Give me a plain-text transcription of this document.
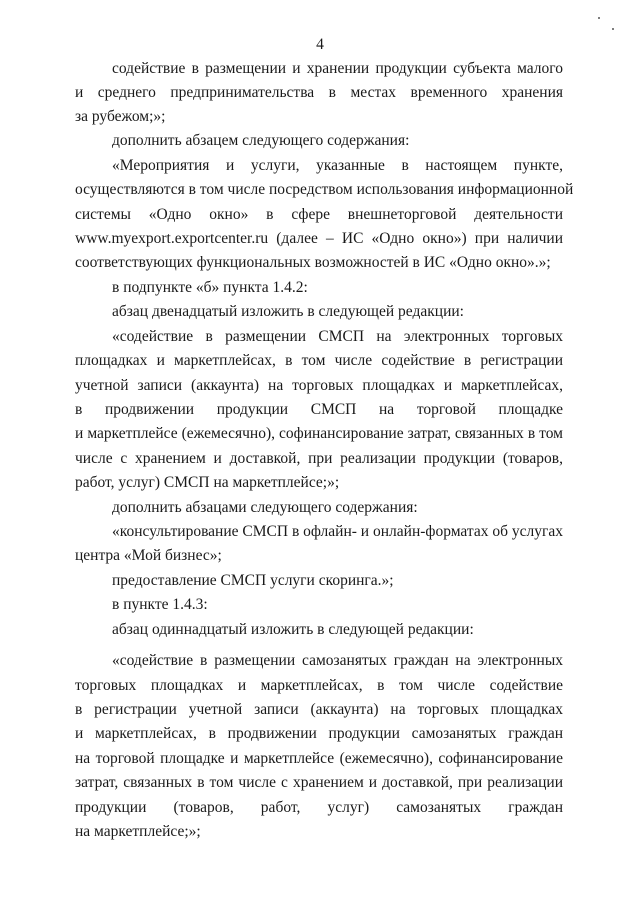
4
содействие в размещении и хранении продукции субъекта малого
и среднего предпринимательства в местах временного хранения
за рубежом;»;
дополнить абзацем следующего содержания:
«Мероприятия и услуги, указанные в настоящем пункте,
осуществляются в том числе посредством использования информационной
системы «Одно окно» в сфере внешнеторговой деятельности
www.myexport.exportcenter.ru (далее – ИС «Одно окно») при наличии
соответствующих функциональных возможностей в ИС «Одно окно».»;
в подпункте «б» пункта 1.4.2:
абзац двенадцатый изложить в следующей редакции:
«содействие в размещении СМСП на электронных торговых
площадках и маркетплейсах, в том числе содействие в регистрации
учетной записи (аккаунта) на торговых площадках и маркетплейсах,
в продвижении продукции СМСП на торговой площадке
и маркетплейсе (ежемесячно), софинансирование затрат, связанных в том
числе с хранением и доставкой, при реализации продукции (товаров,
работ, услуг) СМСП на маркетплейсе;»;
дополнить абзацами следующего содержания:
«консультирование СМСП в офлайн- и онлайн-форматах об услугах
центра «Мой бизнес»;
предоставление СМСП услуги скоринга.»;
в пункте 1.4.3:
абзац одиннадцатый изложить в следующей редакции:
«содействие в размещении самозанятых граждан на электронных
торговых площадках и маркетплейсах, в том числе содействие
в регистрации учетной записи (аккаунта) на торговых площадках
и маркетплейсах, в продвижении продукции самозанятых граждан
на торговой площадке и маркетплейсе (ежемесячно), софинансирование
затрат, связанных в том числе с хранением и доставкой, при реализации
продукции (товаров, работ, услуг) самозанятых граждан
на маркетплейсе;»;
